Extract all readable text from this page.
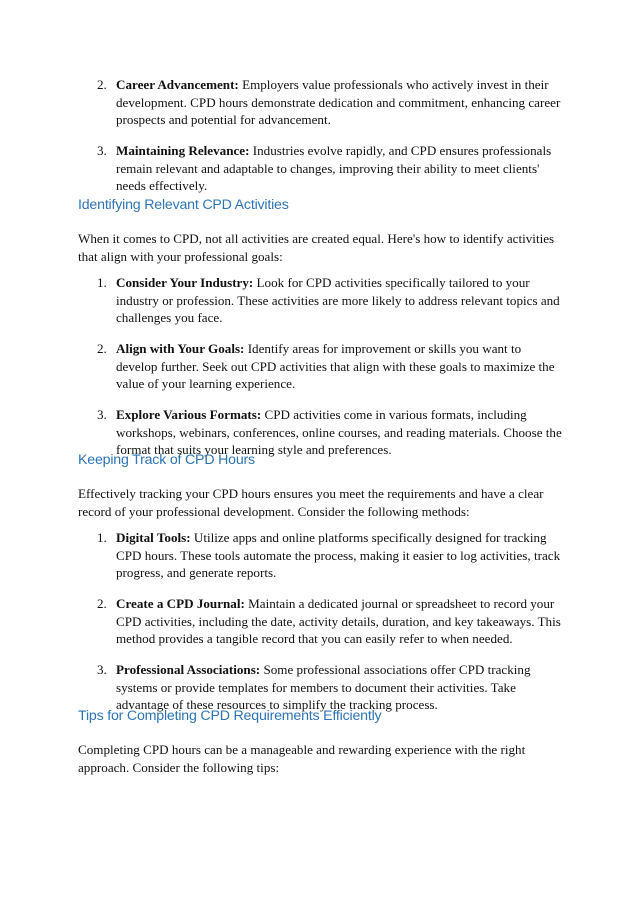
2. Career Advancement: Employers value professionals who actively invest in their development. CPD hours demonstrate dedication and commitment, enhancing career prospects and potential for advancement.
3. Maintaining Relevance: Industries evolve rapidly, and CPD ensures professionals remain relevant and adaptable to changes, improving their ability to meet clients' needs effectively.
Identifying Relevant CPD Activities

When it comes to CPD, not all activities are created equal. Here's how to identify activities that align with your professional goals:

1. Consider Your Industry: Look for CPD activities specifically tailored to your industry or profession. These activities are more likely to address relevant topics and challenges you face.
2. Align with Your Goals: Identify areas for improvement or skills you want to develop further. Seek out CPD activities that align with these goals to maximize the value of your learning experience.
3. Explore Various Formats: CPD activities come in various formats, including workshops, webinars, conferences, online courses, and reading materials. Choose the format that suits your learning style and preferences.
Keeping Track of CPD Hours

Effectively tracking your CPD hours ensures you meet the requirements and have a clear record of your professional development. Consider the following methods:

1. Digital Tools: Utilize apps and online platforms specifically designed for tracking CPD hours. These tools automate the process, making it easier to log activities, track progress, and generate reports.
2. Create a CPD Journal: Maintain a dedicated journal or spreadsheet to record your CPD activities, including the date, activity details, duration, and key takeaways. This method provides a tangible record that you can easily refer to when needed.
3. Professional Associations: Some professional associations offer CPD tracking systems or provide templates for members to document their activities. Take advantage of these resources to simplify the tracking process.
Tips for Completing CPD Requirements Efficiently

Completing CPD hours can be a manageable and rewarding experience with the right approach. Consider the following tips:
